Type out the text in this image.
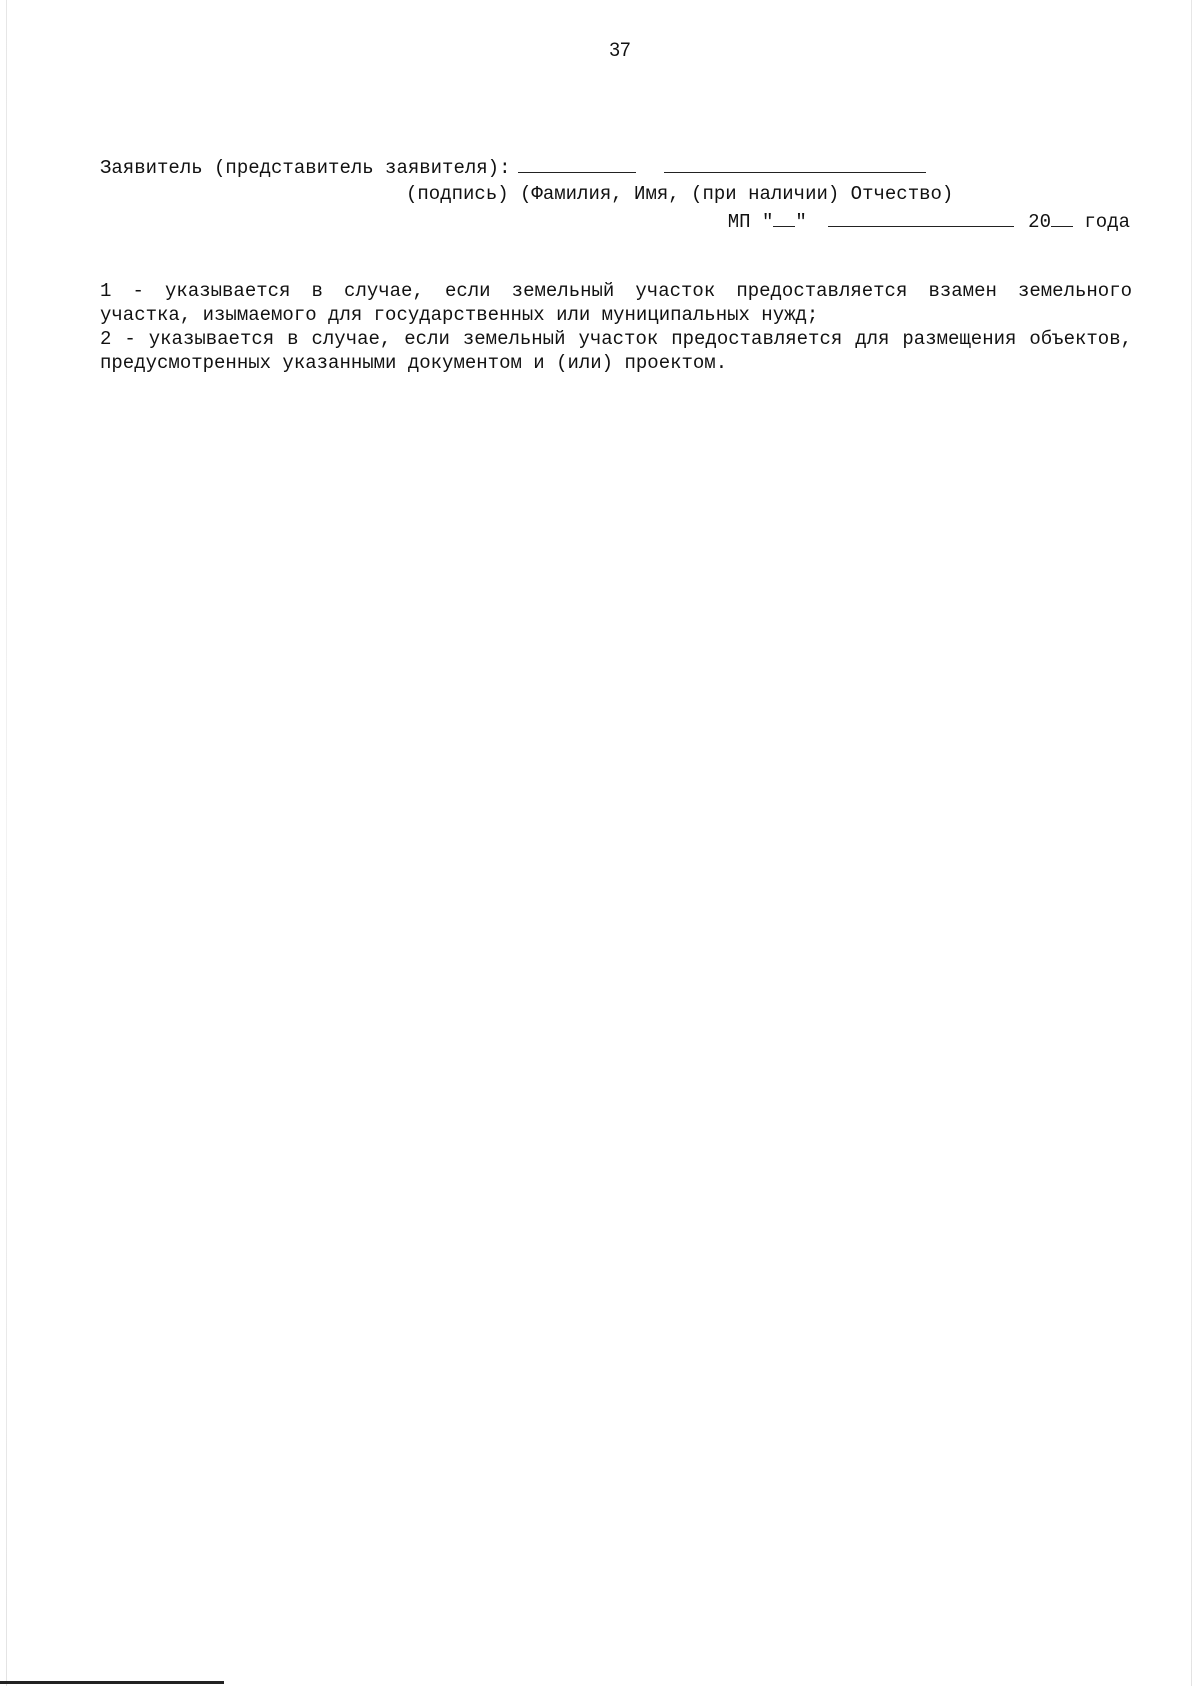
37
Заявитель (представитель заявителя):
(подпись) (Фамилия, Имя, (при наличии) Отчество)
МП " "	20 года

1 - указывается в случае, если земельный участок предоставляется взамен земельного участка, изымаемого для государственных или муниципальных нужд;

2 - указывается в случае, если земельный участок предоставляется для размещения объектов, предусмотренных указанными документом и (или) проектом.
